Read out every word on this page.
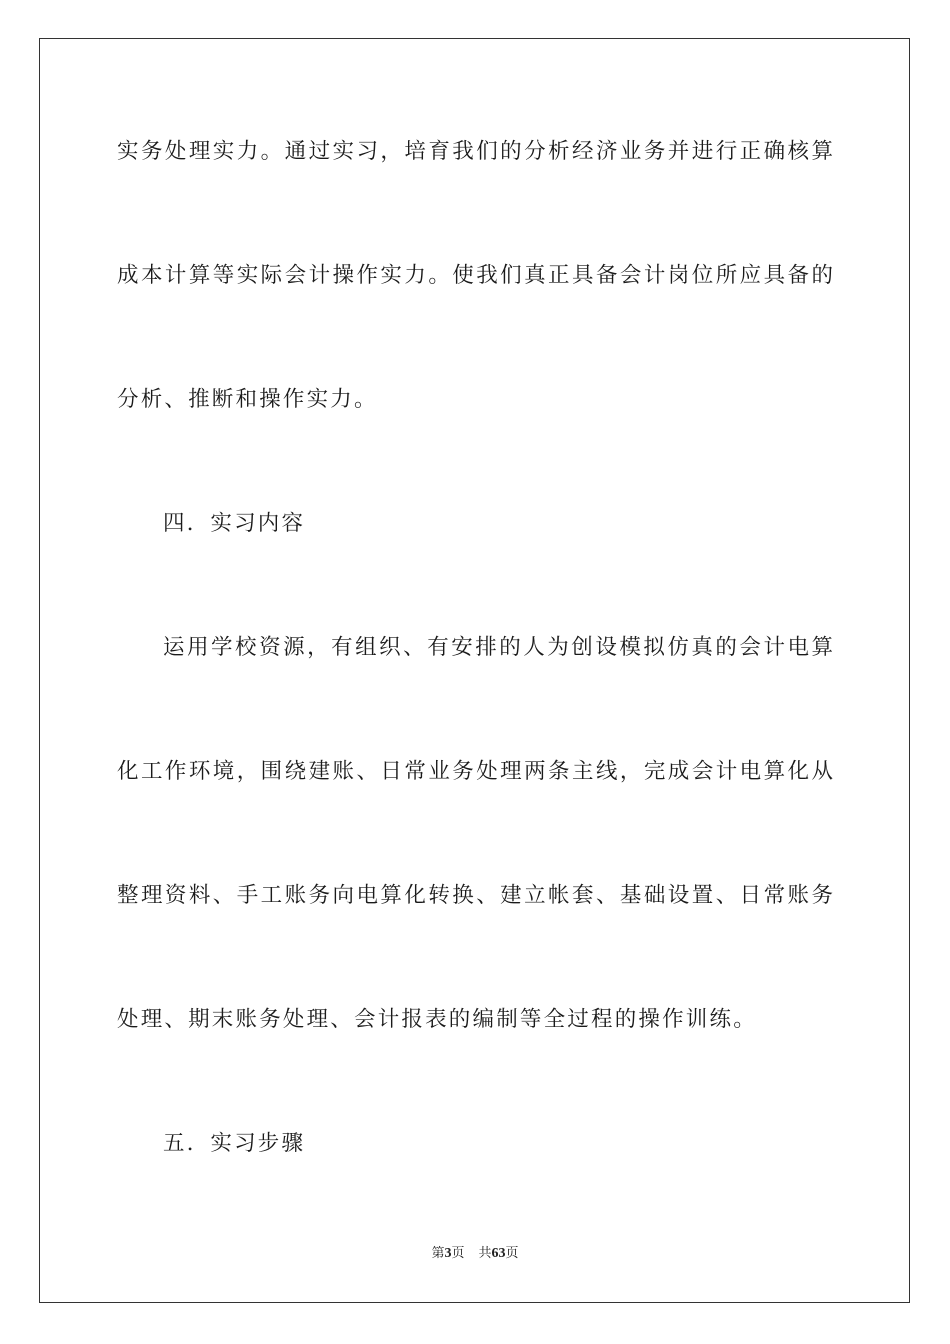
实务处理实力。通过实习，培育我们的分析经济业务并进行正确核算
成本计算等实际会计操作实力。使我们真正具备会计岗位所应具备的
分析、推断和操作实力。
四．实习内容
运用学校资源，有组织、有安排的人为创设模拟仿真的会计电算
化工作环境，围绕建账、日常业务处理两条主线，完成会计电算化从
整理资料、手工账务向电算化转换、建立帐套、基础设置、日常账务
处理、期末账务处理、会计报表的编制等全过程的操作训练。
五．实习步骤
第3页 共63页
